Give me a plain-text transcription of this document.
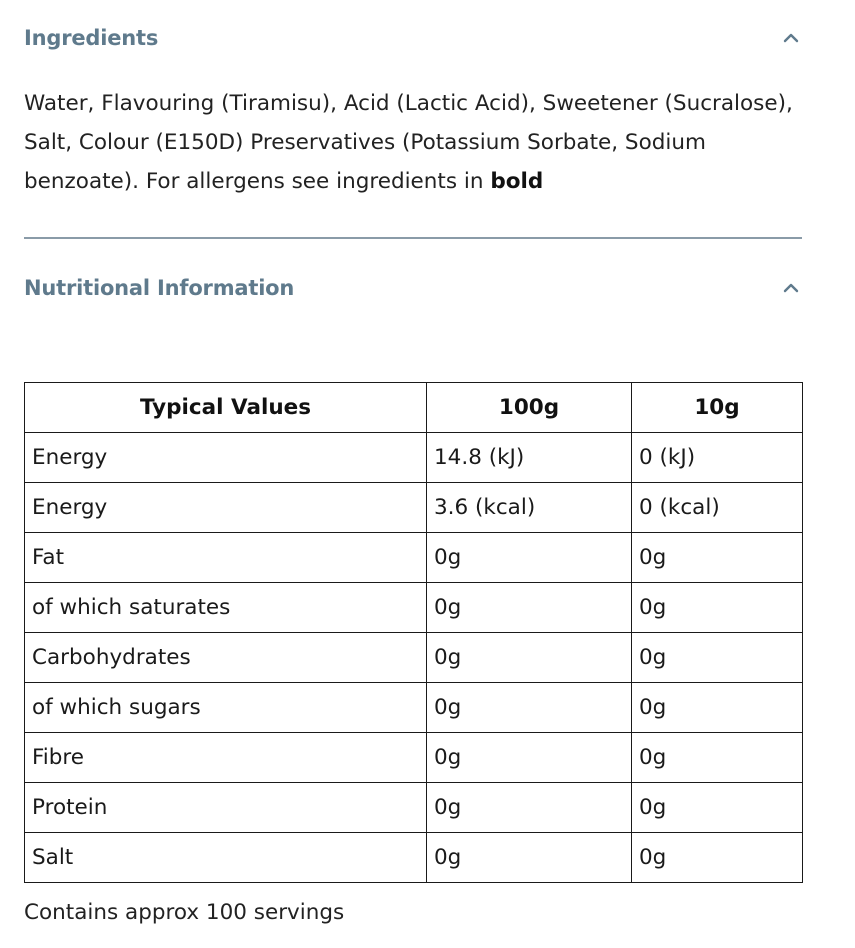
Ingredients
Water, Flavouring (Tiramisu), Acid (Lactic Acid), Sweetener (Sucralose), Salt, Colour (E150D) Preservatives (Potassium Sorbate, Sodium benzoate). For allergens see ingredients in bold
Nutritional Information
Typical Values	100g	10g
Energy	14.8 (kJ)	0 (kJ)
Energy	3.6 (kcal)	0 (kcal)
Fat	0g	0g
of which saturates	0g	0g
Carbohydrates	0g	0g
of which sugars	0g	0g
Fibre	0g	0g
Protein	0g	0g
Salt	0g	0g
Contains approx 100 servings
